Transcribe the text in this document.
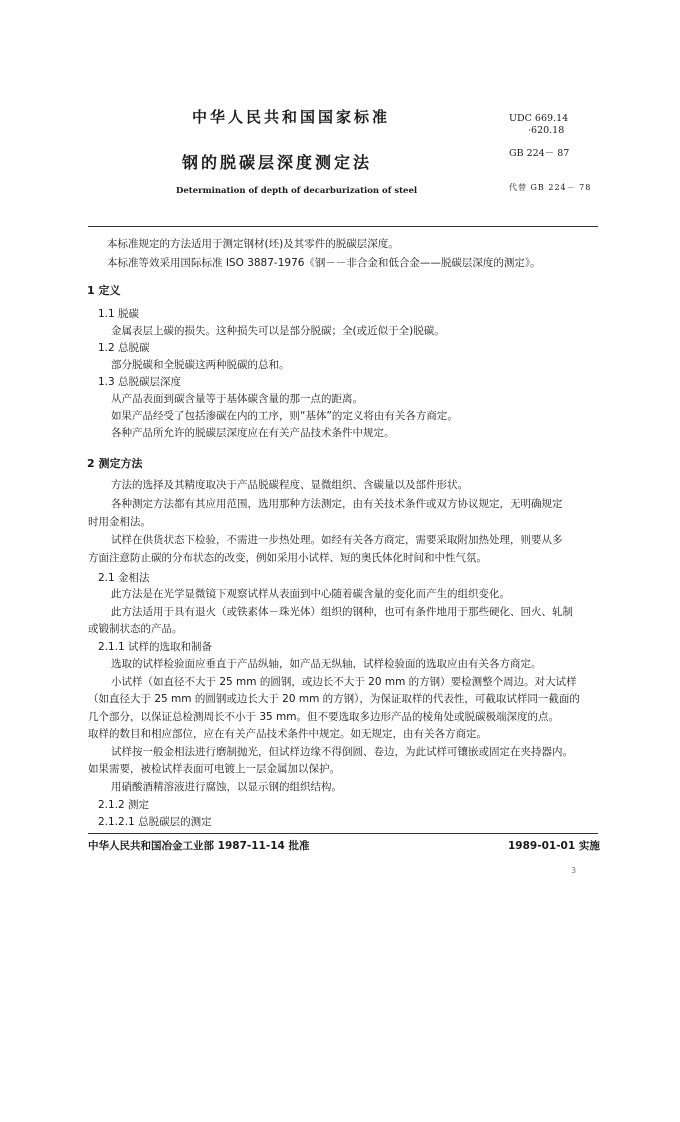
中华人民共和国国家标准	UDC 669.14
·620.18
GB 224－ 87
钢的脱碳层深度测定法
Determination of depth of decarburization of steel	代替 GB 224－ 78
本标准规定的方法适用于测定钢材(坯)及其零件的脱碳层深度。
本标准等效采用国际标准 ISO 3887-1976《钢－－非合金和低合金——脱碳层深度的测定》。
1 定义
1.1 脱碳
金属表层上碳的损失。这种损失可以是部分脱碳；全(或近似于全)脱碳。
1.2 总脱碳
部分脱碳和全脱碳这两种脱碳的总和。
1.3 总脱碳层深度
从产品表面到碳含量等于基体碳含量的那一点的距离。
如果产品经受了包括渗碳在内的工序，则“基体”的定义将由有关各方商定。
各种产品所允许的脱碳层深度应在有关产品技术条件中规定。
2 测定方法
方法的选择及其精度取决于产品脱碳程度、显微组织、含碳量以及部件形状。
各种测定方法都有其应用范围，选用那种方法测定，由有关技术条件或双方协议规定，无明确规定
时用金相法。
试样在供货状态下检验，不需进一步热处理。如经有关各方商定，需要采取附加热处理，则要从多
方面注意防止碳的分布状态的改变，例如采用小试样、短的奥氏体化时间和中性气氛。
2.1 金相法
此方法是在光学显微镜下观察试样从表面到中心随着碳含量的变化而产生的组织变化。
此方法适用于具有退火（或铁素体－珠光体）组织的钢种，也可有条件地用于那些硬化、回火、轧制
或锻制状态的产品。
2.1.1 试样的选取和制备
选取的试样检验面应垂直于产品纵轴，如产品无纵轴，试样检验面的选取应由有关各方商定。
小试样（如直径不大于 25 mm 的圆钢，或边长不大于 20 mm 的方钢）要检测整个周边。对大试样
（如直径大于 25 mm 的圆钢或边长大于 20 mm 的方钢），为保证取样的代表性，可截取试样同一截面的
几个部分，以保证总检测周长不小于 35 mm。但不要选取多边形产品的棱角处或脱碳极端深度的点。
取样的数目和相应部位，应在有关产品技术条件中规定。如无规定，由有关各方商定。
试样按一般金相法进行磨制抛光，但试样边缘不得倒圆、卷边，为此试样可镶嵌或固定在夹持器内。
如果需要，被检试样表面可电镀上一层金属加以保护。
用硝酸酒精溶液进行腐蚀，以显示钢的组织结构。
2.1.2 测定
2.1.2.1 总脱碳层的测定
中华人民共和国冶金工业部 1987-11-14 批准	1989-01-01 实施
3
